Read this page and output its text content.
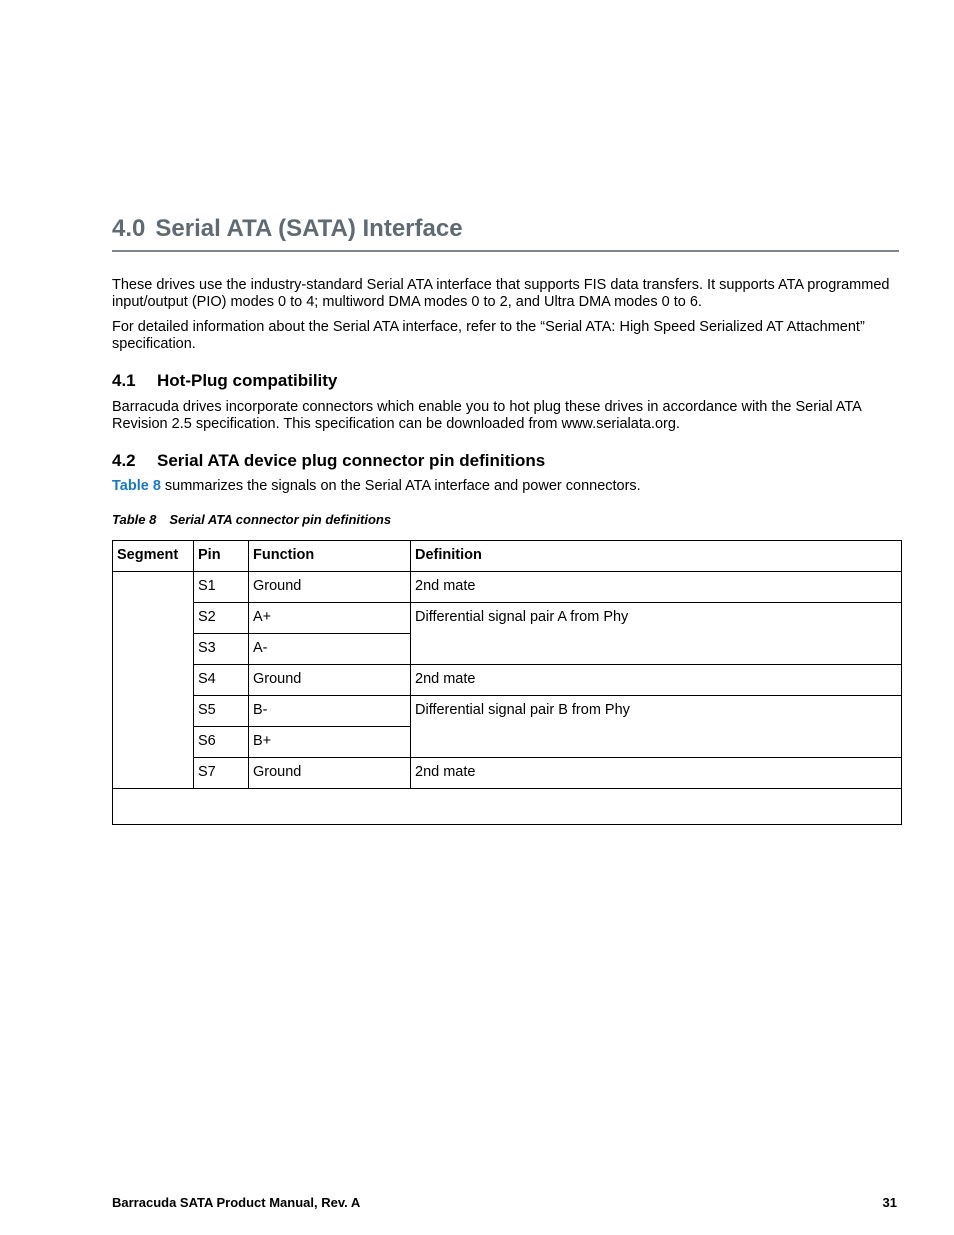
4.0 Serial ATA (SATA) Interface
These drives use the industry-standard Serial ATA interface that supports FIS data transfers. It supports ATA programmed input/output (PIO) modes 0 to 4; multiword DMA modes 0 to 2, and Ultra DMA modes 0 to 6.
For detailed information about the Serial ATA interface, refer to the “Serial ATA: High Speed Serialized AT Attachment” specification.
4.1 Hot-Plug compatibility
Barracuda drives incorporate connectors which enable you to hot plug these drives in accordance with the Serial ATA Revision 2.5 specification. This specification can be downloaded from www.serialata.org.
4.2 Serial ATA device plug connector pin definitions
Table 8 summarizes the signals on the Serial ATA interface and power connectors.
Table 8 Serial ATA connector pin definitions
Segment	Pin	Function	Definition
	S1	Ground	2nd mate
	S2	A+	Differential signal pair A from Phy
	S3	A-	
	S4	Ground	2nd mate
	S5	B-	Differential signal pair B from Phy
	S6	B+	
	S7	Ground	2nd mate

Barracuda SATA Product Manual, Rev. A	31
